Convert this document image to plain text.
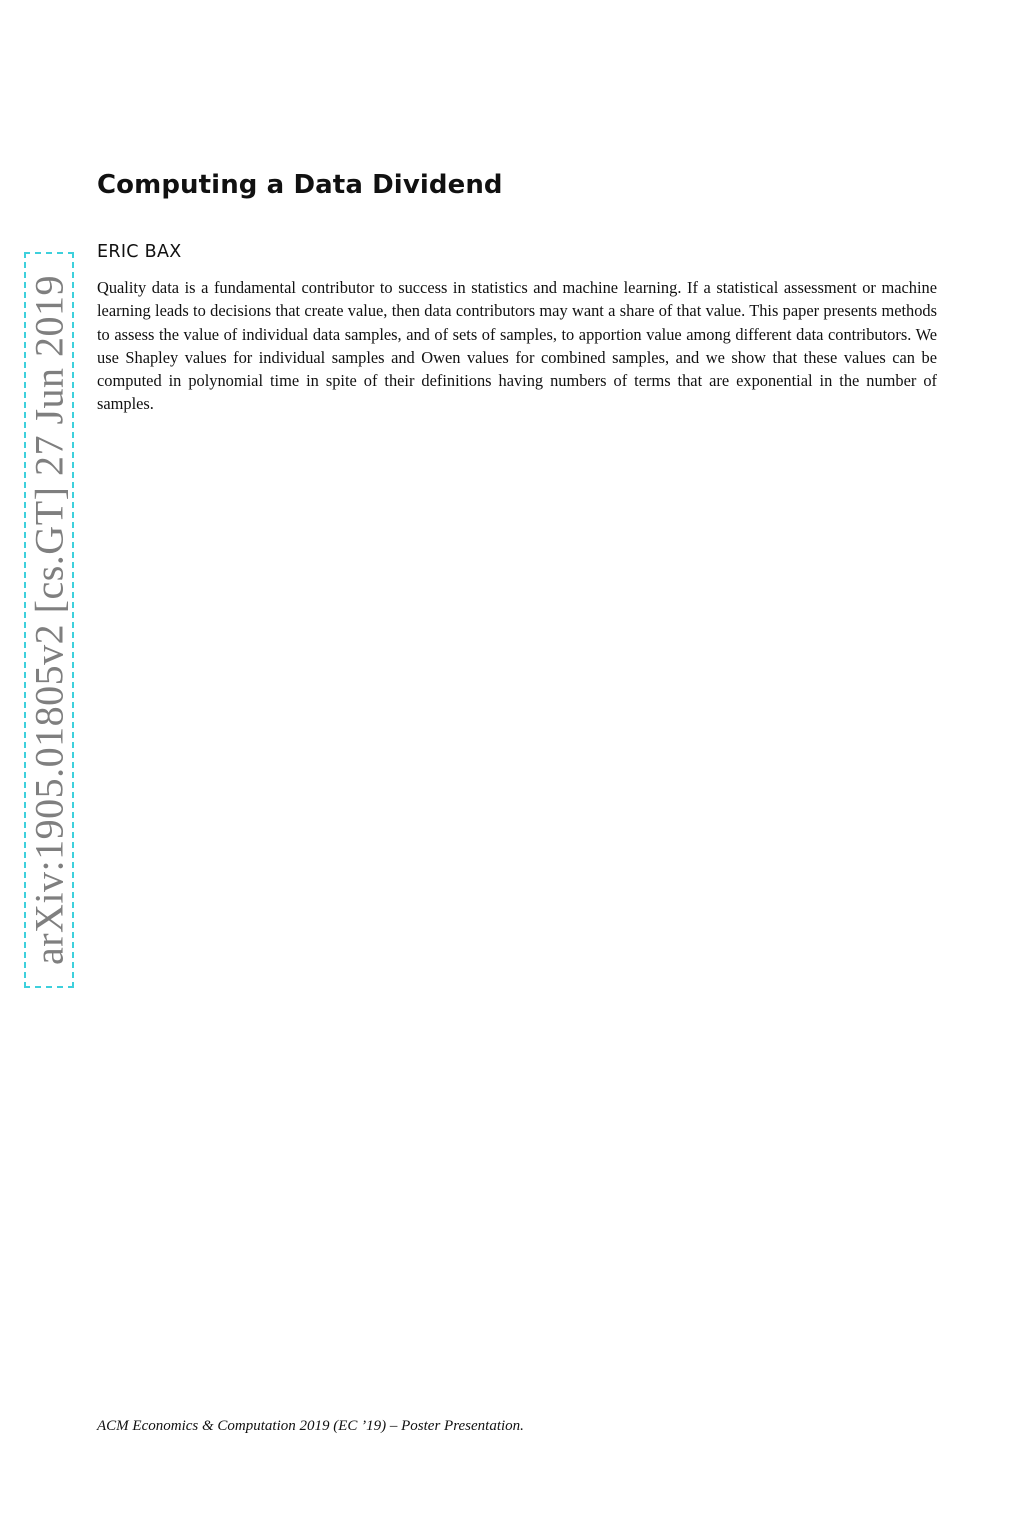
arXiv:1905.01805v2 [cs.GT] 27 Jun 2019
Computing a Data Dividend
ERIC BAX

Quality data is a fundamental contributor to success in statistics and machine learning. If a statistical assessment or machine learning leads to decisions that create value, then data contributors may want a share of that value. This paper presents methods to assess the value of individual data samples, and of sets of samples, to apportion value among different data contributors. We use Shapley values for individual samples and Owen values for combined samples, and we show that these values can be computed in polynomial time in spite of their definitions having numbers of terms that are exponential in the number of samples.

ACM Economics & Computation 2019 (EC ’19) – Poster Presentation.
